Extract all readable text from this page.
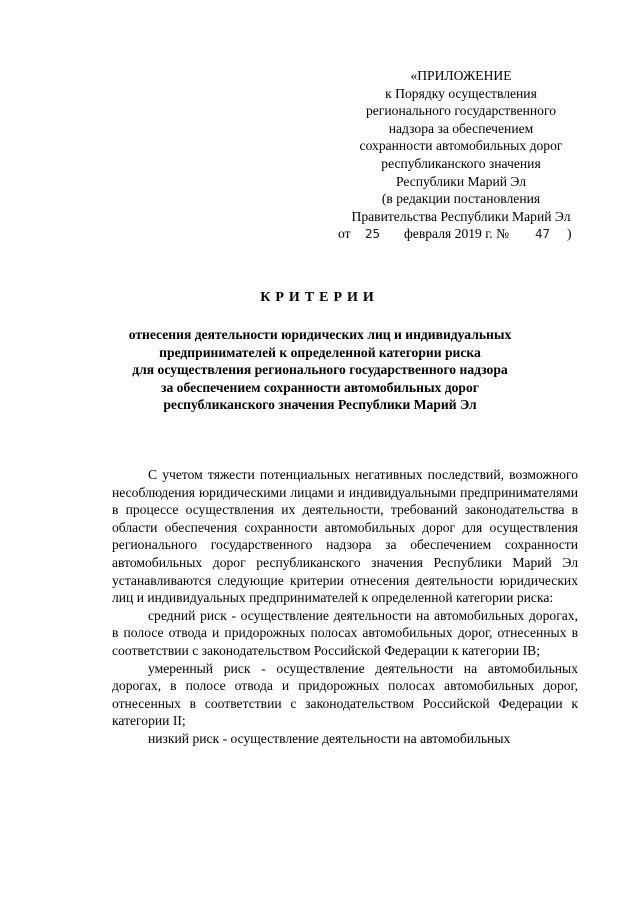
«ПРИЛОЖЕНИЕ
к Порядку осуществления
регионального государственного
надзора за обеспечением
сохранности автомобильных дорог
республиканского значения
Республики Марий Эл
(в редакции постановления
Правительства Республики Марий Эл
от 25 февраля 2019 г. № 47 )
КРИТЕРИИ
отнесения деятельности юридических лиц и индивидуальных
предпринимателей к определенной категории риска
для осуществления регионального государственного надзора
за обеспечением сохранности автомобильных дорог
республиканского значения Республики Марий Эл

С учетом тяжести потенциальных негативных последствий, возможного несоблюдения юридическими лицами и индивидуальными предпринимателями в процессе осуществления их деятельности, требований законодательства в области обеспечения сохранности автомобильных дорог для осуществления регионального государственного надзора за обеспечением сохранности автомобильных дорог республиканского значения Республики Марий Эл устанавливаются следующие критерии отнесения деятельности юридических лиц и индивидуальных предпринимателей к определенной категории риска:

средний риск - осуществление деятельности на автомобильных дорогах, в полосе отвода и придорожных полосах автомобильных дорог, отнесенных в соответствии с законодательством Российской Федерации к категории IB;

умеренный риск - осуществление деятельности на автомобильных дорогах, в полосе отвода и придорожных полосах автомобильных дорог, отнесенных в соответствии с законодательством Российской Федерации к категории II;

низкий риск - осуществление деятельности на автомобильных
